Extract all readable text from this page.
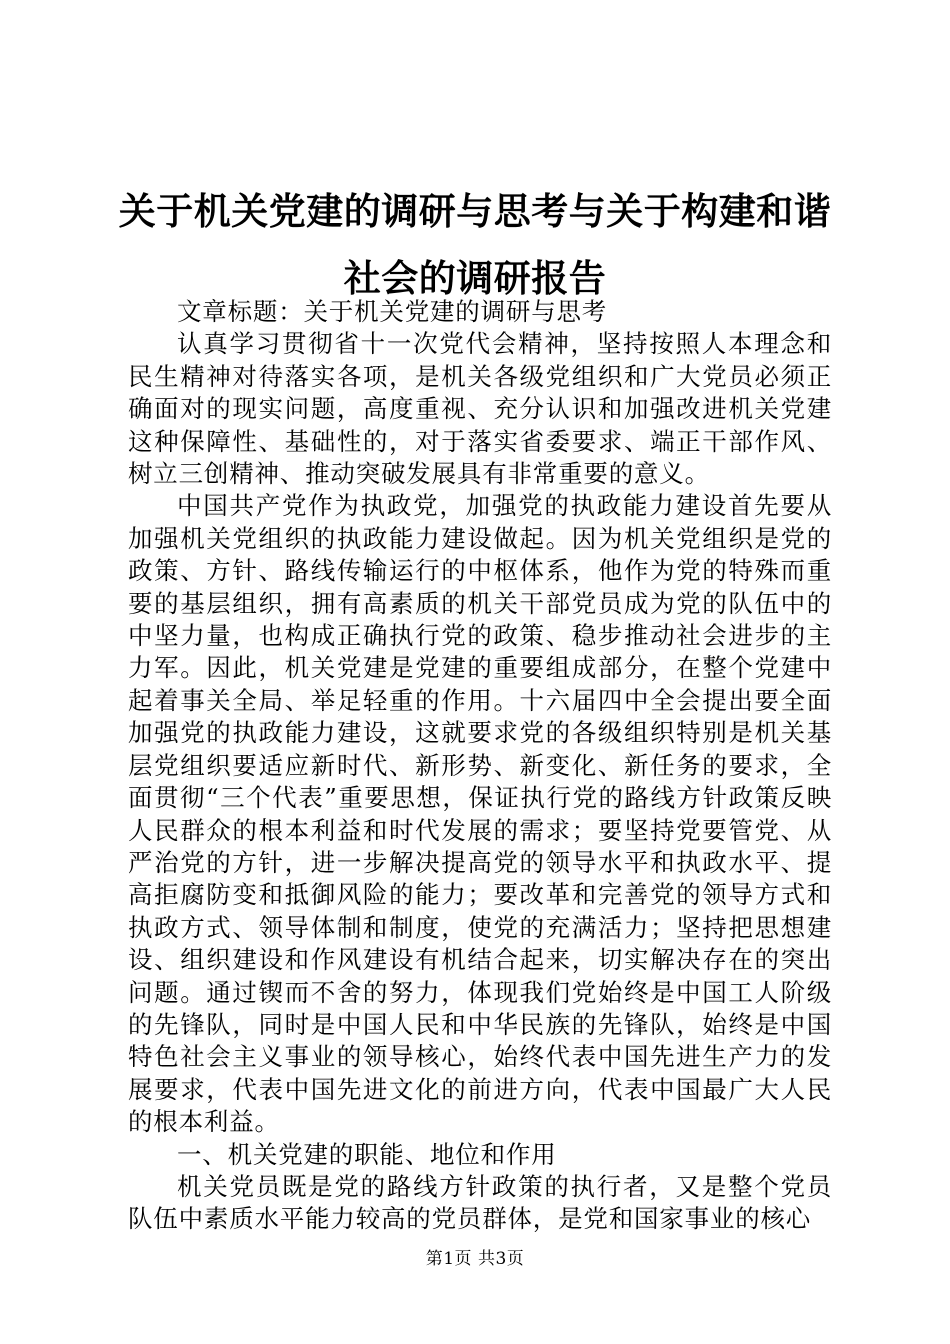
关于机关党建的调研与思考与关于构建和谐社会的调研报告

文章标题：关于机关党建的调研与思考

认真学习贯彻省十一次党代会精神，坚持按照人本理念和民生精神对待落实各项，是机关各级党组织和广大党员必须正确面对的现实问题，高度重视、充分认识和加强改进机关党建这种保障性、基础性的，对于落实省委要求、端正干部作风、树立三创精神、推动突破发展具有非常重要的意义。

中国共产党作为执政党，加强党的执政能力建设首先要从加强机关党组织的执政能力建设做起。因为机关党组织是党的政策、方针、路线传输运行的中枢体系，他作为党的特殊而重要的基层组织，拥有高素质的机关干部党员成为党的队伍中的中坚力量，也构成正确执行党的政策、稳步推动社会进步的主力军。因此，机关党建是党建的重要组成部分，在整个党建中起着事关全局、举足轻重的作用。十六届四中全会提出要全面加强党的执政能力建设，这就要求党的各级组织特别是机关基层党组织要适应新时代、新形势、新变化、新任务的要求，全面贯彻“三个代表”重要思想，保证执行党的路线方针政策反映人民群众的根本利益和时代发展的需求；要坚持党要管党、从严治党的方针，进一步解决提高党的领导水平和执政水平、提高拒腐防变和抵御风险的能力；要改革和完善党的领导方式和执政方式、领导体制和制度，使党的充满活力；坚持把思想建设、组织建设和作风建设有机结合起来，切实解决存在的突出问题。通过锲而不舍的努力，体现我们党始终是中国工人阶级的先锋队，同时是中国人民和中华民族的先锋队，始终是中国特色社会主义事业的领导核心，始终代表中国先进生产力的发展要求，代表中国先进文化的前进方向，代表中国最广大人民的根本利益。

一、机关党建的职能、地位和作用

机关党员既是党的路线方针政策的执行者，又是整个党员队伍中素质水平能力较高的党员群体，是党和国家事业的核心

第1页 共3页
